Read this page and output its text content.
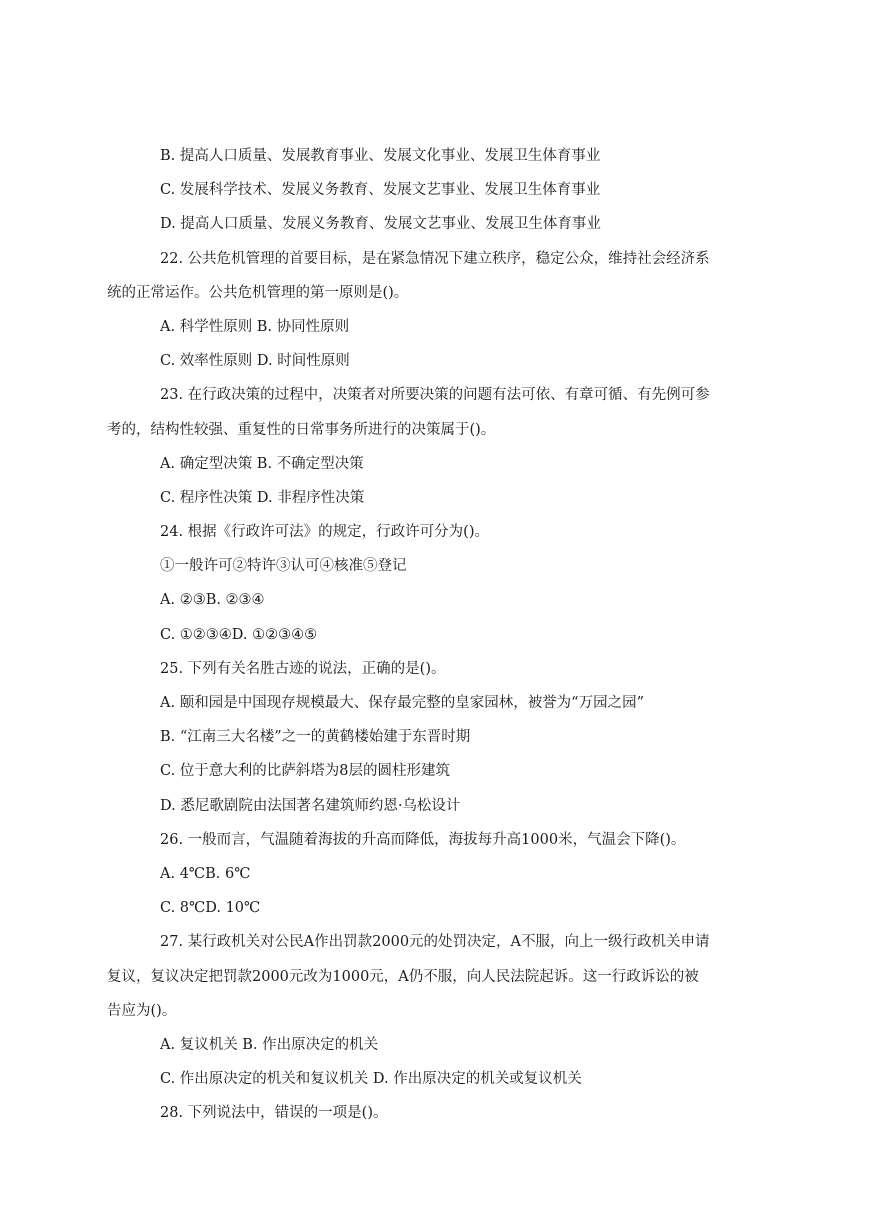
B. 提高人口质量、发展教育事业、发展文化事业、发展卫生体育事业
C. 发展科学技术、发展义务教育、发展文艺事业、发展卫生体育事业
D. 提高人口质量、发展义务教育、发展文艺事业、发展卫生体育事业
22. 公共危机管理的首要目标，是在紧急情况下建立秩序，稳定公众，维持社会经济系
统的正常运作。公共危机管理的第一原则是()。
A. 科学性原则 B. 协同性原则
C. 效率性原则 D. 时间性原则
23. 在行政决策的过程中，决策者对所要决策的问题有法可依、有章可循、有先例可参
考的，结构性较强、重复性的日常事务所进行的决策属于()。
A. 确定型决策 B. 不确定型决策
C. 程序性决策 D. 非程序性决策
24. 根据《行政许可法》的规定，行政许可分为()。
①一般许可②特许③认可④核准⑤登记
A. ②③B. ②③④
C. ①②③④D. ①②③④⑤
25. 下列有关名胜古迹的说法，正确的是()。
A. 颐和园是中国现存规模最大、保存最完整的皇家园林，被誉为“万园之园”
B. “江南三大名楼”之一的黄鹤楼始建于东晋时期
C. 位于意大利的比萨斜塔为8层的圆柱形建筑
D. 悉尼歌剧院由法国著名建筑师约恩·乌松设计
26. 一般而言，气温随着海拔的升高而降低，海拔每升高1000米，气温会下降()。
A. 4℃B. 6℃
C. 8℃D. 10℃
27. 某行政机关对公民A作出罚款2000元的处罚决定，A不服，向上一级行政机关申请
复议，复议决定把罚款2000元改为1000元，A仍不服，向人民法院起诉。这一行政诉讼的被
告应为()。
A. 复议机关 B. 作出原决定的机关
C. 作出原决定的机关和复议机关 D. 作出原决定的机关或复议机关
28. 下列说法中，错误的一项是()。
